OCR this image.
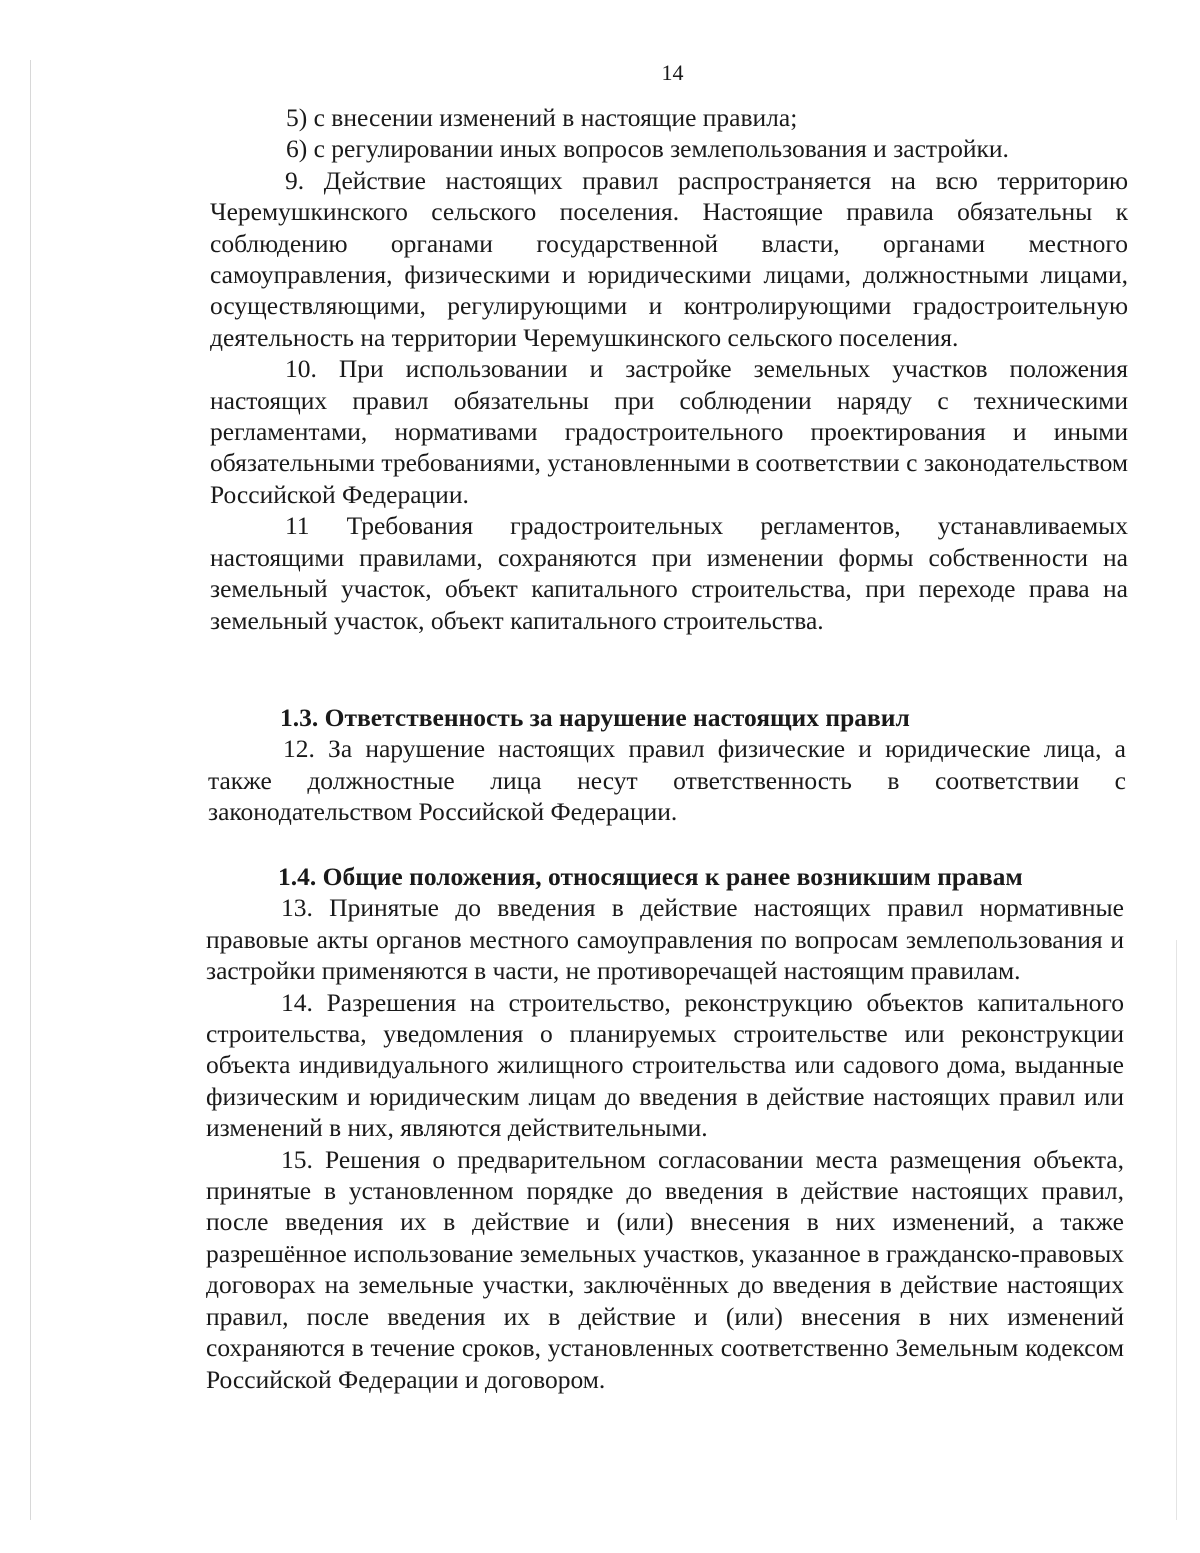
14

5) с внесении изменений в настоящие правила;

6) с регулировании иных вопросов землепользования и застройки.

9. Действие настоящих правил распространяется на всю территорию Черемушкинского сельского поселения. Настоящие правила обязательны к соблюдению органами государственной власти, органами местного самоуправления, физическими и юридическими лицами, должностными лицами, осуществляющими, регулирующими и контролирующими градостроительную деятельность на территории Черемушкинского сельского поселения.

10. При использовании и застройке земельных участков положения настоящих правил обязательны при соблюдении наряду с техническими регламентами, нормативами градостроительного проектирования и иными обязательными требованиями, установленными в соответствии с законодательством Российской Федерации.

11 Требования градостроительных регламентов, устанавливаемых настоящими правилами, сохраняются при изменении формы собственности на земельный участок, объект капитального строительства, при переходе права на земельный участок, объект капитального строительства.

1.3. Ответственность за нарушение настоящих правил

12. За нарушение настоящих правил физические и юридические лица, а также должностные лица несут ответственность в соответствии с законодательством Российской Федерации.

1.4. Общие положения, относящиеся к ранее возникшим правам

13. Принятые до введения в действие настоящих правил нормативные правовые акты органов местного самоуправления по вопросам землепользования и застройки применяются в части, не противоречащей настоящим правилам.

14. Разрешения на строительство, реконструкцию объектов капитального строительства, уведомления о планируемых строительстве или реконструкции объекта индивидуального жилищного строительства или садового дома, выданные физическим и юридическим лицам до введения в действие настоящих правил или изменений в них, являются действительными.

15. Решения о предварительном согласовании места размещения объекта, принятые в установленном порядке до введения в действие настоящих правил, после введения их в действие и (или) внесения в них изменений, а также разрешённое использование земельных участков, указанное в гражданско-правовых договорах на земельные участки, заключённых до введения в действие настоящих правил, после введения их в действие и (или) внесения в них изменений сохраняются в течение сроков, установленных соответственно Земельным кодексом Российской Федерации и договором.
